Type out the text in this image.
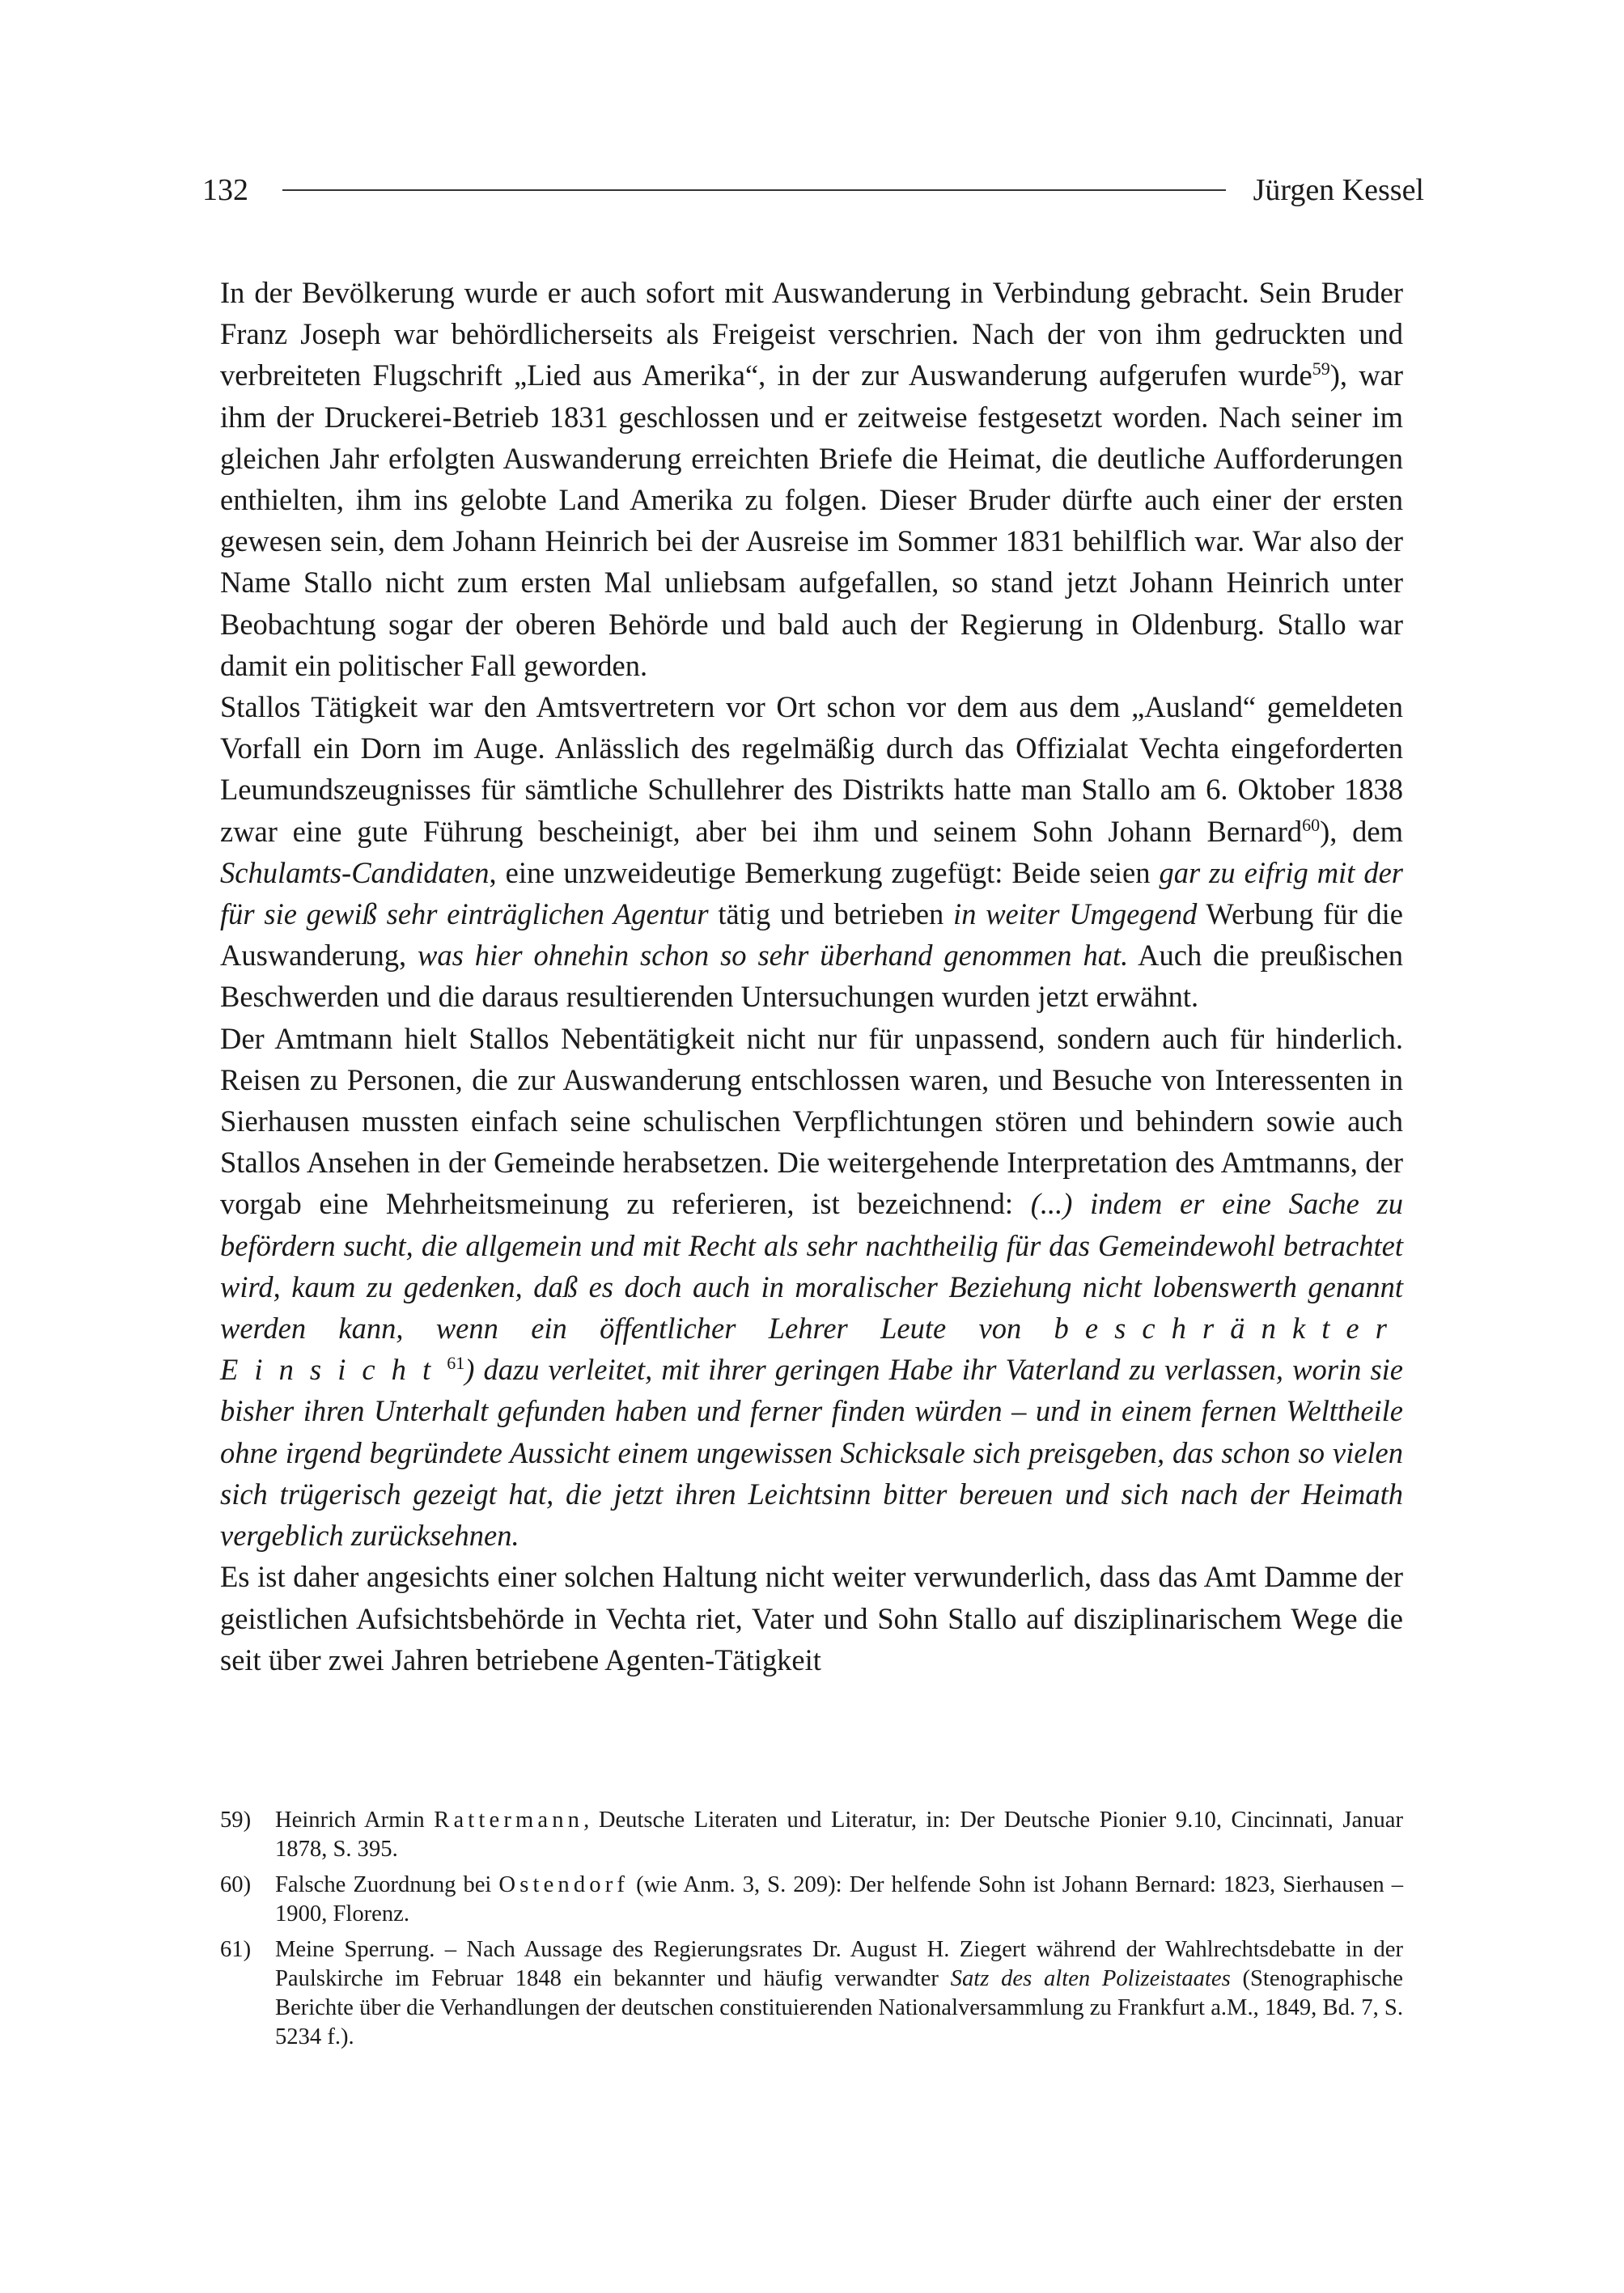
132	Jürgen Kessel

In der Bevölkerung wurde er auch sofort mit Auswanderung in Verbindung gebracht. Sein Bruder Franz Joseph war behördlicherseits als Freigeist verschrien. Nach der von ihm gedruckten und verbreiteten Flugschrift „Lied aus Amerika“, in der zur Auswanderung aufgerufen wurde$^{59}$), war ihm der Druckerei-Betrieb 1831 geschlossen und er zeitweise festgesetzt worden. Nach seiner im gleichen Jahr erfolgten Auswanderung erreichten Briefe die Heimat, die deutliche Aufforderungen enthielten, ihm ins gelobte Land Amerika zu folgen. Dieser Bruder dürfte auch einer der ersten gewesen sein, dem Johann Heinrich bei der Ausreise im Sommer 1831 behilflich war. War also der Name Stallo nicht zum ersten Mal unliebsam aufgefallen, so stand jetzt Johann Heinrich unter Beobachtung sogar der oberen Behörde und bald auch der Regierung in Oldenburg. Stallo war damit ein politischer Fall geworden.

Stallos Tätigkeit war den Amtsvertretern vor Ort schon vor dem aus dem „Ausland“ gemeldeten Vorfall ein Dorn im Auge. Anlässlich des regelmäßig durch das Offizialat Vechta eingeforderten Leumundszeugnisses für sämtliche Schullehrer des Distrikts hatte man Stallo am 6. Oktober 1838 zwar eine gute Führung bescheinigt, aber bei ihm und seinem Sohn Johann Bernard$^{60}$), dem Schulamts-Candidaten, eine unzweideutige Bemerkung zugefügt: Beide seien gar zu eifrig mit der für sie gewiß sehr einträglichen Agentur tätig und betrieben in weiter Umgegend Werbung für die Auswanderung, was hier ohnehin schon so sehr überhand genommen hat. Auch die preußischen Beschwerden und die daraus resultierenden Untersuchungen wurden jetzt erwähnt.

Der Amtmann hielt Stallos Nebentätigkeit nicht nur für unpassend, sondern auch für hinderlich. Reisen zu Personen, die zur Auswanderung entschlossen waren, und Besuche von Interessenten in Sierhausen mussten einfach seine schulischen Verpflichtungen stören und behindern sowie auch Stallos Ansehen in der Gemeinde herabsetzen. Die weitergehende Interpretation des Amtmanns, der vorgab eine Mehrheitsmeinung zu referieren, ist bezeichnend: (...) indem er eine Sache zu befördern sucht, die allgemein und mit Recht als sehr nachtheilig für das Gemeindewohl betrachtet wird, kaum zu gedenken, daß es doch auch in moralischer Beziehung nicht lobenswerth genannt werden kann, wenn ein öffentlicher Lehrer Leute von beschränkter Einsicht$^{61}$) dazu verleitet, mit ihrer geringen Habe ihr Vaterland zu verlassen, worin sie bisher ihren Unterhalt gefunden haben und ferner finden würden – und in einem fernen Welttheile ohne irgend begründete Aussicht einem ungewissen Schicksale sich preisgeben, das schon so vielen sich trügerisch gezeigt hat, die jetzt ihren Leichtsinn bitter bereuen und sich nach der Heimath vergeblich zurücksehnen.

Es ist daher angesichts einer solchen Haltung nicht weiter verwunderlich, dass das Amt Damme der geistlichen Aufsichtsbehörde in Vechta riet, Vater und Sohn Stallo auf disziplinarischem Wege die seit über zwei Jahren betriebene Agenten-Tätigkeit

59)	Heinrich Armin Rattermann, Deutsche Literaten und Literatur, in: Der Deutsche Pionier 9.10, Cincinnati, Januar 1878, S. 395.
60)	Falsche Zuordnung bei Ostendorf (wie Anm. 3, S. 209): Der helfende Sohn ist Johann Bernard: 1823, Sierhausen – 1900, Florenz.
61)	Meine Sperrung. – Nach Aussage des Regierungsrates Dr. August H. Ziegert während der Wahlrechtsdebatte in der Paulskirche im Februar 1848 ein bekannter und häufig verwandter Satz des alten Polizeistaates (Stenographische Berichte über die Verhandlungen der deutschen constituierenden Nationalversammlung zu Frankfurt a.M., 1849, Bd. 7, S. 5234 f.).
